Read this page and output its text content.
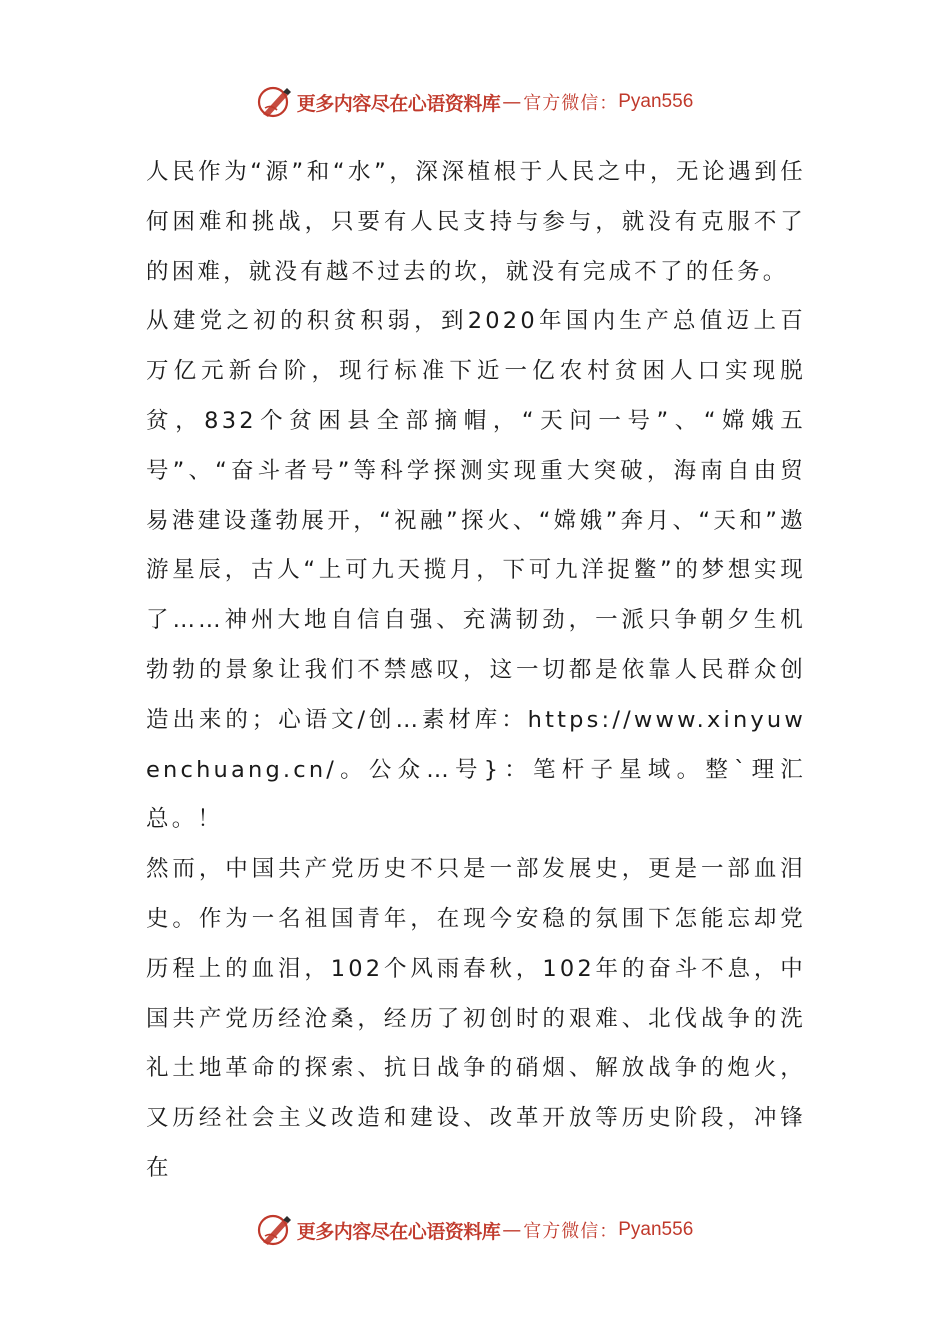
更多内容尽在心语资料库 — 官方微信： Pyan556

人民作为“源”和“水”，深深植根于人民之中，无论遇到任何困难和挑战，只要有人民支持与参与，就没有克服不了的困难，就没有越不过去的坎，就没有完成不了的任务。

从建党之初的积贫积弱，到2020年国内生产总值迈上百万亿元新台阶，现行标准下近一亿农村贫困人口实现脱贫，832个贫困县全部摘帽，“天问一号”、“嫦娥五号”、“奋斗者号”等科学探测实现重大突破，海南自由贸易港建设蓬勃展开，“祝融”探火、“嫦娥”奔月、“天和”遨游星辰，古人“上可九天揽月，下可九洋捉鳖”的梦想实现了……神州大地自信自强、充满韧劲，一派只争朝夕生机勃勃的景象让我们不禁感叹，这一切都是依靠人民群众创造出来的；心语文/创…素材库：https://www.xinyuwenchuang.cn/。公众…号}：笔杆子星域。整`理汇总。！

然而，中国共产党历史不只是一部发展史，更是一部血泪史。作为一名祖国青年，在现今安稳的氛围下怎能忘却党历程上的血泪，102个风雨春秋，102年的奋斗不息，中国共产党历经沧桑，经历了初创时的艰难、北伐战争的洗礼土地革命的探索、抗日战争的硝烟、解放战争的炮火，又历经社会主义改造和建设、改革开放等历史阶段，冲锋在

更多内容尽在心语资料库 — 官方微信： Pyan556
